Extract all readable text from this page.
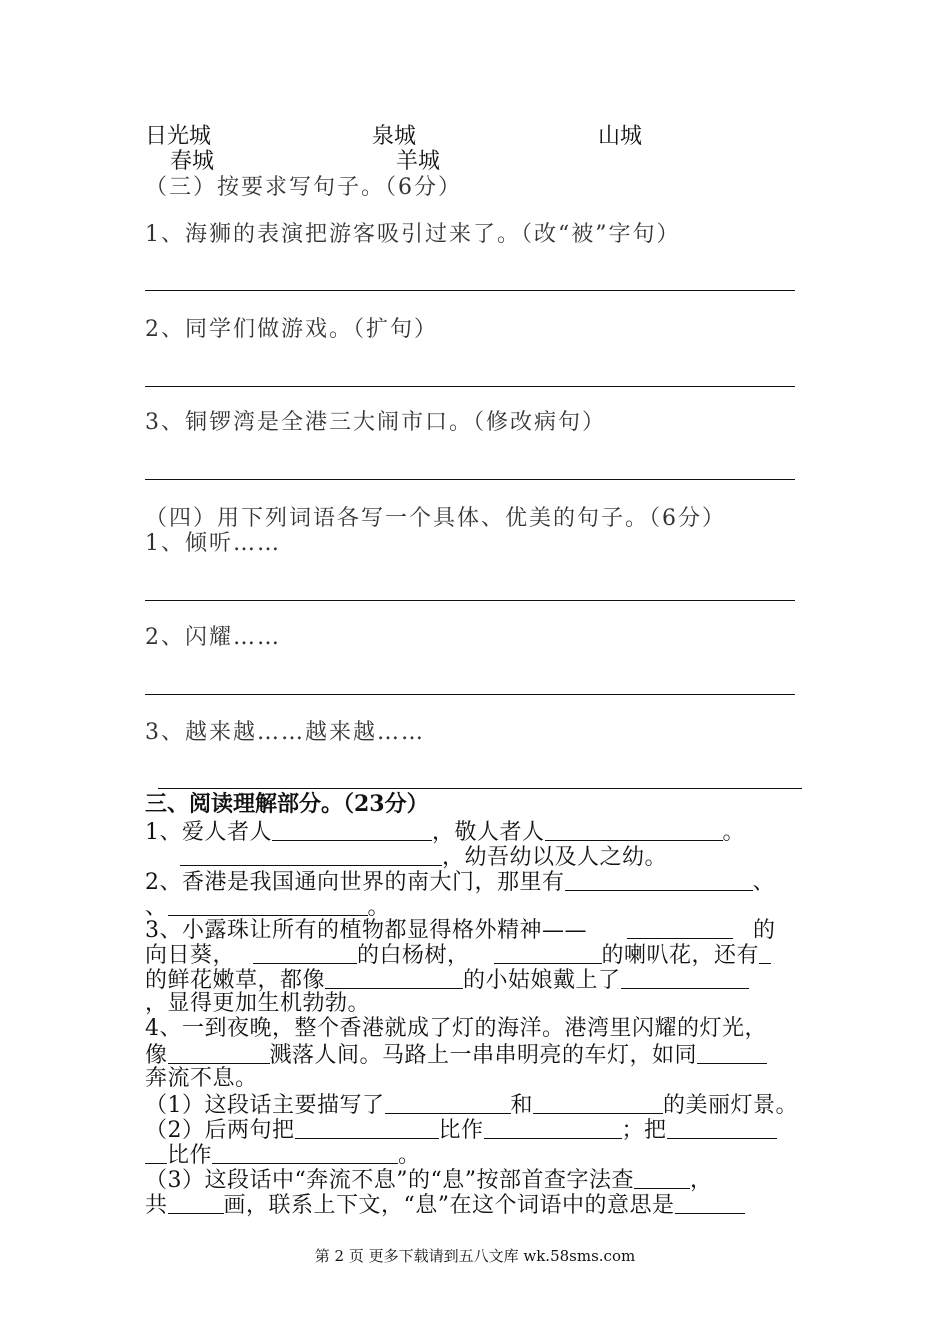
日光城	泉城	山城
春城	羊城
（三）按要求写句子。（6分）
1、海狮的表演把游客吸引过来了。（改“被”字句）
2、同学们做游戏。（扩句）
3、铜锣湾是全港三大闹市口。（修改病句）
（四）用下列词语各写一个具体、优美的句子。（6分）
1、倾听……
2、闪耀……
3、越来越……越来越……
三、阅读理解部分。（23分）
1、爱人者人	，敬人者人	。
，幼吾幼以及人之幼。
2、香港是我国通向世界的南大门，那里有	、
、	。
3、小露珠让所有的植物都显得格外精神——	的
向日葵，	的白杨树，	的喇叭花，还有
的鲜花嫩草，都像	的小姑娘戴上了
，显得更加生机勃勃。
4、一到夜晚，整个香港就成了灯的海洋。港湾里闪耀的灯光，
像	溅落人间。马路上一串串明亮的车灯，如同
奔流不息。
（1）这段话主要描写了	和	的美丽灯景。
（2）后两句把	比作	；把
比作	。
（3）这段话中“奔流不息”的“息”按部首查字法查	，
共	画，联系上下文，“息”在这个词语中的意思是
第 2 页 更多下载请到五八文库 wk.58sms.com
